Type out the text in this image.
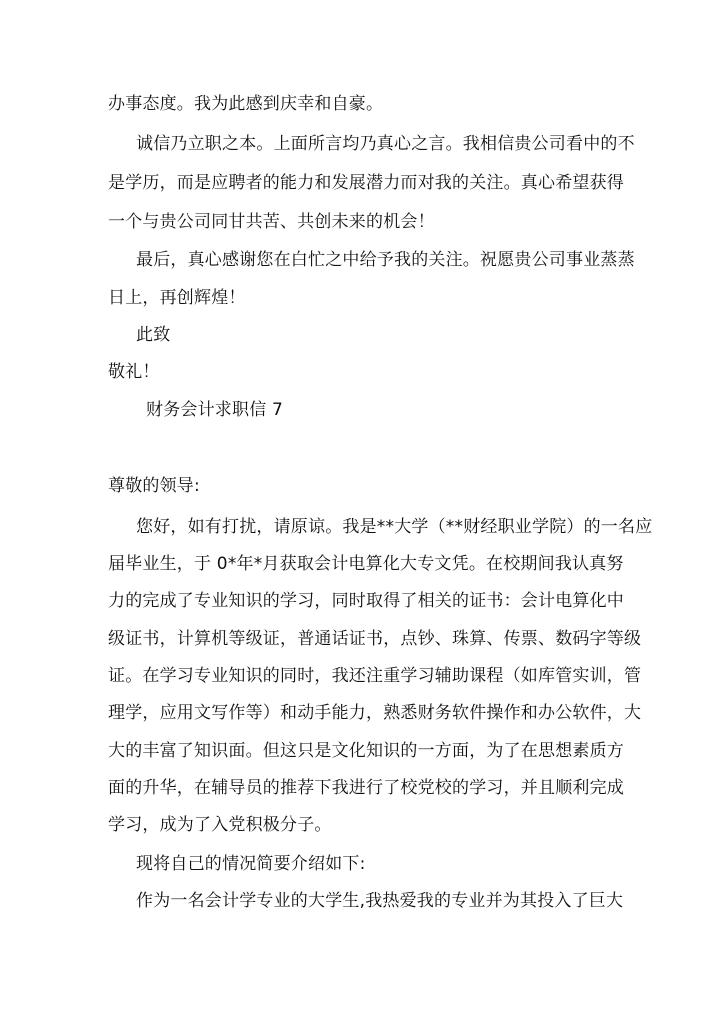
办事态度。我为此感到庆幸和自豪。
诚信乃立职之本。上面所言均乃真心之言。我相信贵公司看中的不
是学历，而是应聘者的能力和发展潜力而对我的关注。真心希望获得
一个与贵公司同甘共苦、共创未来的机会！
最后，真心感谢您在白忙之中给予我的关注。祝愿贵公司事业蒸蒸
日上，再创辉煌！
此致
敬礼！
财务会计求职信 7
尊敬的领导:
您好，如有打扰，请原谅。我是**大学（**财经职业学院）的一名应
届毕业生，于 0*年*月获取会计电算化大专文凭。在校期间我认真努
力的完成了专业知识的学习，同时取得了相关的证书：会计电算化中
级证书，计算机等级证，普通话证书，点钞、珠算、传票、数码字等级
证。在学习专业知识的同时，我还注重学习辅助课程（如库管实训，管
理学，应用文写作等）和动手能力，熟悉财务软件操作和办公软件，大
大的丰富了知识面。但这只是文化知识的一方面，为了在思想素质方
面的升华，在辅导员的推荐下我进行了校党校的学习，并且顺利完成
学习，成为了入党积极分子。
现将自己的情况简要介绍如下:
作为一名会计学专业的大学生,我热爱我的专业并为其投入了巨大
